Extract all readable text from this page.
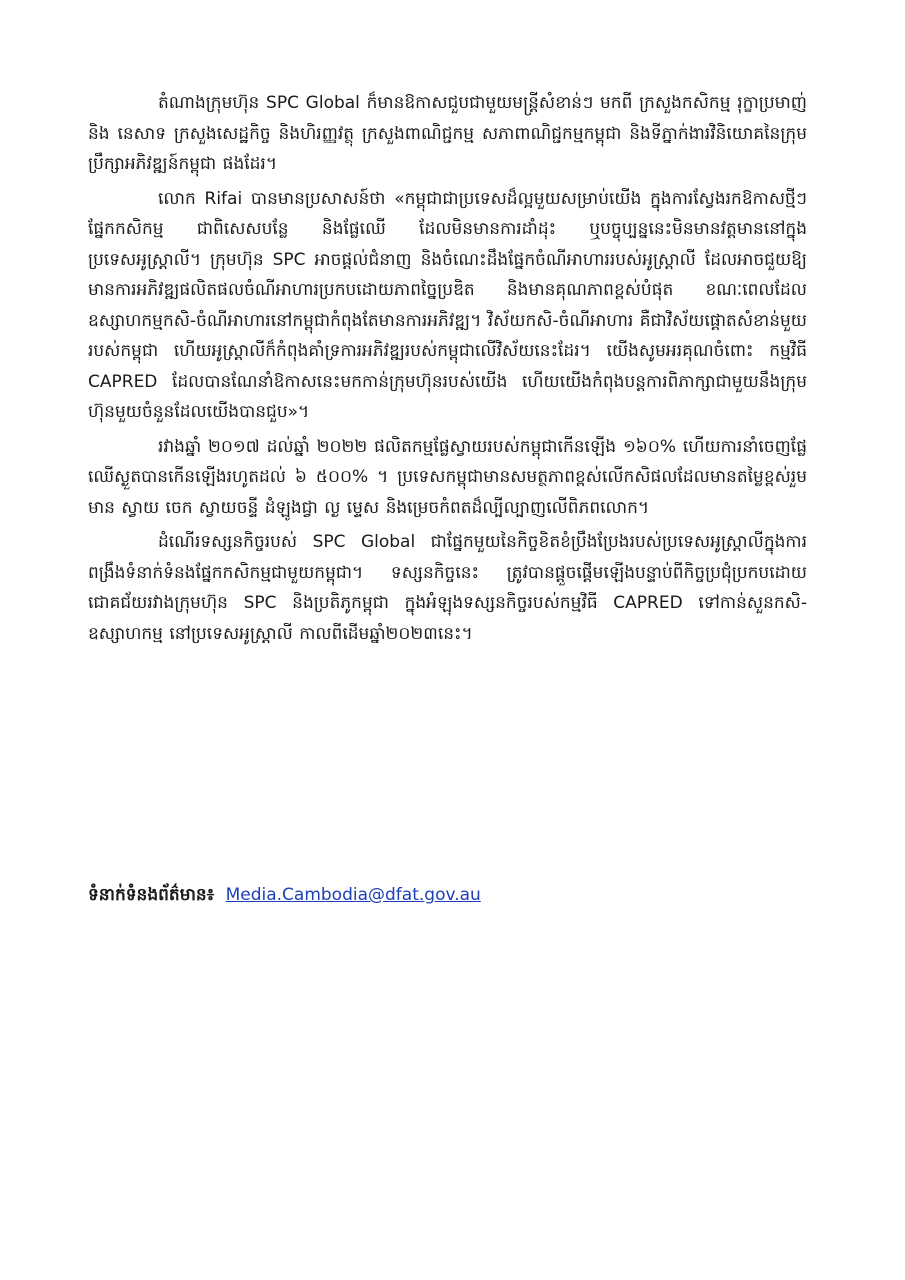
តំណាងក្រុមហ៊ុន SPC Global ក៏មានឱកាសជួបជាមួយមន្ត្រីសំខាន់ៗ មកពី ក្រសួងកសិកម្ម រុក្ខាប្រមាញ់ និង នេសាទ ក្រសួងសេដ្ឋកិច្ច និងហិរញ្ញវត្ថុ ក្រសួងពាណិជ្ជកម្ម សភាពាណិជ្ជកម្មកម្ពុជា និងទីភ្នាក់ងារវិនិយោគនៃក្រុមប្រឹក្សាអភិវឌ្ឍន៍កម្ពុជា ផងដែរ។

លោក Rifai បានមានប្រសាសន៍ថា «កម្ពុជាជាប្រទេសដ៏ល្អមួយសម្រាប់យើង ក្នុងការស្វែងរកឱកាសថ្មីៗផ្នែកកសិកម្ម ជាពិសេសបន្លែ និងផ្លែឈើ ដែលមិនមានការដាំដុះ ឬបច្ចុប្បន្ននេះមិនមានវត្តមាននៅក្នុងប្រទេសអូស្ត្រាលី។ ក្រុមហ៊ុន SPC អាចផ្តល់ជំនាញ និងចំណេះដឹងផ្នែកចំណីអាហាររបស់អូស្ត្រាលី ដែលអាចជួយឱ្យមានការអភិវឌ្ឍផលិតផលចំណីអាហារប្រកបដោយភាពច្នៃប្រឌិត និងមានគុណភាពខ្ពស់បំផុត ខណៈពេលដែលឧស្សាហកម្មកសិ-ចំណីអាហារនៅកម្ពុជាកំពុងតែមានការអភិវឌ្ឍ។ វិស័យកសិ-ចំណីអាហារ គឺជាវិស័យផ្តោតសំខាន់មួយរបស់កម្ពុជា ហើយអូស្ត្រាលីក៏កំពុងគាំទ្រការអភិវឌ្ឍរបស់កម្ពុជាលើវិស័យនេះដែរ។ យើងសូមអរគុណចំពោះ កម្មវិធី CAPRED ដែលបានណែនាំឱកាសនេះមកកាន់ក្រុមហ៊ុនរបស់យើង ហើយយើងកំពុងបន្តការពិភាក្សាជាមួយនឹងក្រុមហ៊ុនមួយចំនួនដែលយើងបានជួប»។

រវាងឆ្នាំ ២០១៧ ដល់ឆ្នាំ ២០២២ ផលិតកម្មផ្លែស្វាយរបស់កម្ពុជាកើនឡើង ១៦០% ហើយការនាំចេញផ្លែឈើស្ងួតបានកើនឡើងរហូតដល់ ៦ ៥០០% ។ ប្រទេសកម្ពុជាមានសមត្ថភាពខ្ពស់លើកសិផលដែលមានតម្លៃខ្ពស់រួមមាន ស្វាយ ចេក ស្វាយចន្ទី ដំឡូងជ្វា ល្ង ម្ទេស និងម្រេចកំពតដ៏ល្បីល្បាញលើពិភពលោក។

ដំណើរទស្សនកិច្ចរបស់ SPC Global ជាផ្នែកមួយនៃកិច្ចខិតខំប្រឹងប្រែងរបស់ប្រទេសអូស្ត្រាលីក្នុងការពង្រឹងទំនាក់ទំនងផ្នែកកសិកម្មជាមួយកម្ពុជា។ ទស្សនកិច្ចនេះ ត្រូវបានផ្តួចផ្តើមឡើងបន្ទាប់ពីកិច្ចប្រជុំប្រកបដោយជោគជ័យរវាងក្រុមហ៊ុន SPC និងប្រតិភូកម្ពុជា ក្នុងអំឡុងទស្សនកិច្ចរបស់កម្មវិធី CAPRED ទៅកាន់សួនកសិ-ឧស្សាហកម្ម នៅប្រទេសអូស្ត្រាលី កាលពីដើមឆ្នាំ២០២៣នេះ។

ទំនាក់ទំនងព័ត៌មាន៖ Media.Cambodia@dfat.gov.au
